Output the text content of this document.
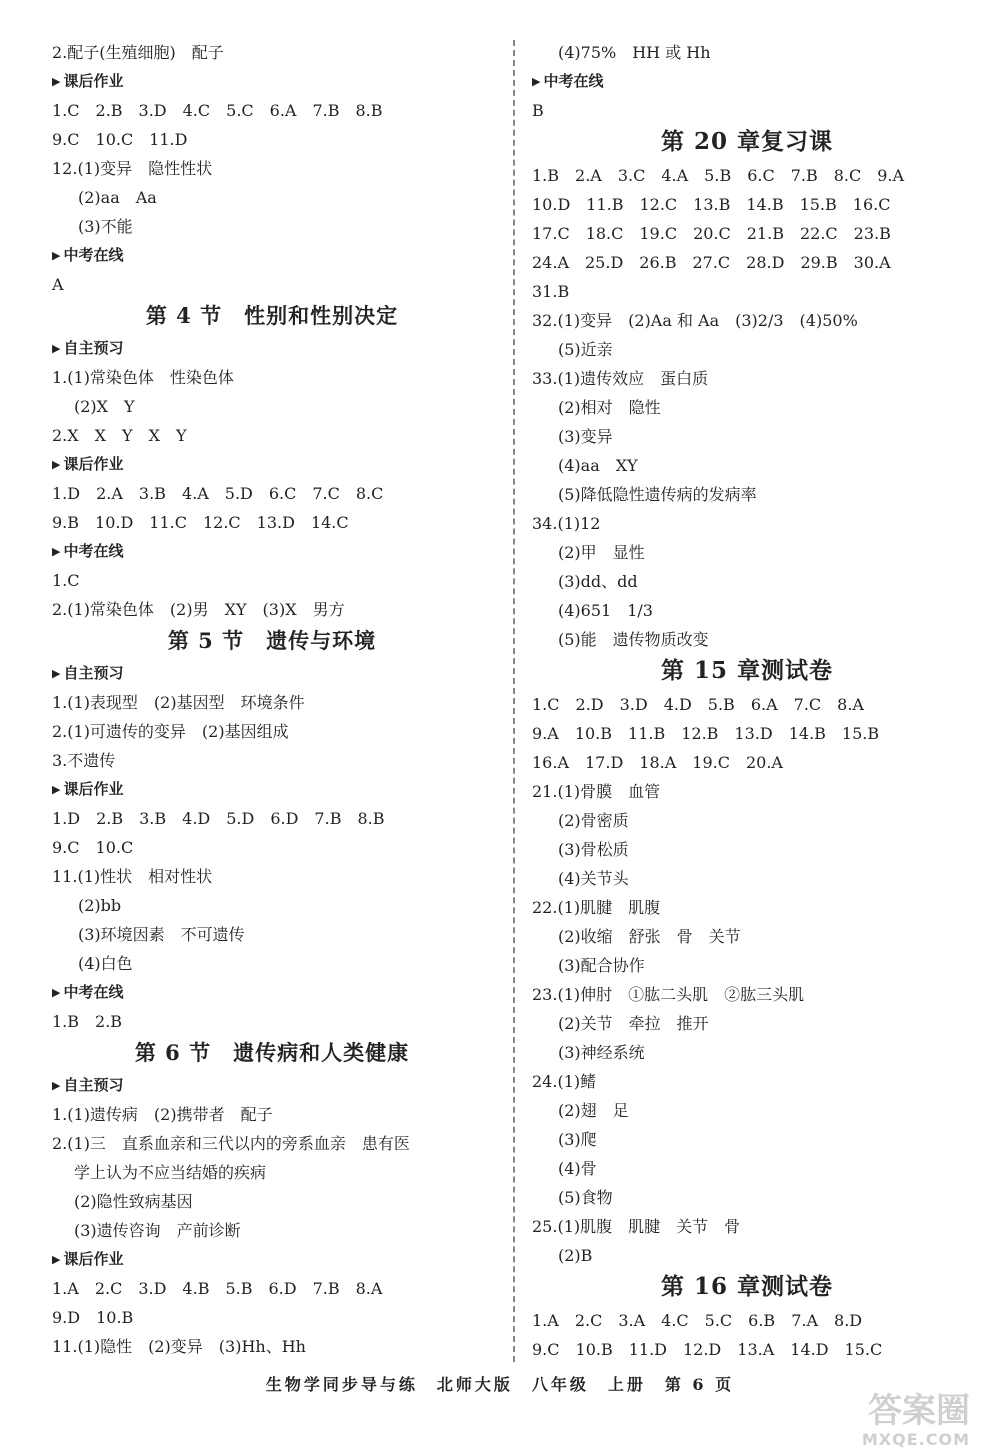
2.配子(生殖细胞)　配子
▶ 课后作业
1.C　2.B　3.D　4.C　5.C　6.A　7.B　8.B
9.C　10.C　11.D
12.(1)变异　隐性性状
(2)aa　Aa
(3)不能
▶ 中考在线
A
第 4 节　性别和性别决定
▶ 自主预习
1.(1)常染色体　性染色体
(2)X　Y
2.X　X　Y　X　Y
▶ 课后作业
1.D　2.A　3.B　4.A　5.D　6.C　7.C　8.C
9.B　10.D　11.C　12.C　13.D　14.C
▶ 中考在线
1.C
2.(1)常染色体　(2)男　XY　(3)X　男方
第 5 节　遗传与环境
▶ 自主预习
1.(1)表现型　(2)基因型　环境条件
2.(1)可遗传的变异　(2)基因组成
3.不遗传
▶ 课后作业
1.D　2.B　3.B　4.D　5.D　6.D　7.B　8.B
9.C　10.C
11.(1)性状　相对性状
(2)bb
(3)环境因素　不可遗传
(4)白色
▶ 中考在线
1.B　2.B
第 6 节　遗传病和人类健康
▶ 自主预习
1.(1)遗传病　(2)携带者　配子
2.(1)三　直系血亲和三代以内的旁系血亲　患有医
学上认为不应当结婚的疾病
(2)隐性致病基因
(3)遗传咨询　产前诊断
▶ 课后作业
1.A　2.C　3.D　4.B　5.B　6.D　7.B　8.A
9.D　10.B
11.(1)隐性　(2)变异　(3)Hh、Hh
(4)75%　HH 或 Hh
▶ 中考在线
B
第 20 章复习课
1.B　2.A　3.C　4.A　5.B　6.C　7.B　8.C　9.A
10.D　11.B　12.C　13.B　14.B　15.B　16.C
17.C　18.C　19.C　20.C　21.B　22.C　23.B
24.A　25.D　26.B　27.C　28.D　29.B　30.A
31.B
32.(1)变异　(2)Aa 和 Aa　(3)2/3　(4)50%
(5)近亲
33.(1)遗传效应　蛋白质
(2)相对　隐性
(3)变异
(4)aa　XY
(5)降低隐性遗传病的发病率
34.(1)12
(2)甲　显性
(3)dd、dd
(4)651　1/3
(5)能　遗传物质改变
第 15 章测试卷
1.C　2.D　3.D　4.D　5.B　6.A　7.C　8.A
9.A　10.B　11.B　12.B　13.D　14.B　15.B
16.A　17.D　18.A　19.C　20.A
21.(1)骨膜　血管
(2)骨密质
(3)骨松质
(4)关节头
22.(1)肌腱　肌腹
(2)收缩　舒张　骨　关节
(3)配合协作
23.(1)伸肘　①肱二头肌　②肱三头肌
(2)关节　牵拉　推开
(3)神经系统
24.(1)鳍
(2)翅　足
(3)爬
(4)骨
(5)食物
25.(1)肌腹　肌腱　关节　骨
(2)B
第 16 章测试卷
1.A　2.C　3.A　4.C　5.C　6.B　7.A　8.D
9.C　10.B　11.D　12.D　13.A　14.D　15.C
生物学同步导与练　北师大版　八年级　上册　第 6 页
答案圈
MXQE.COM
